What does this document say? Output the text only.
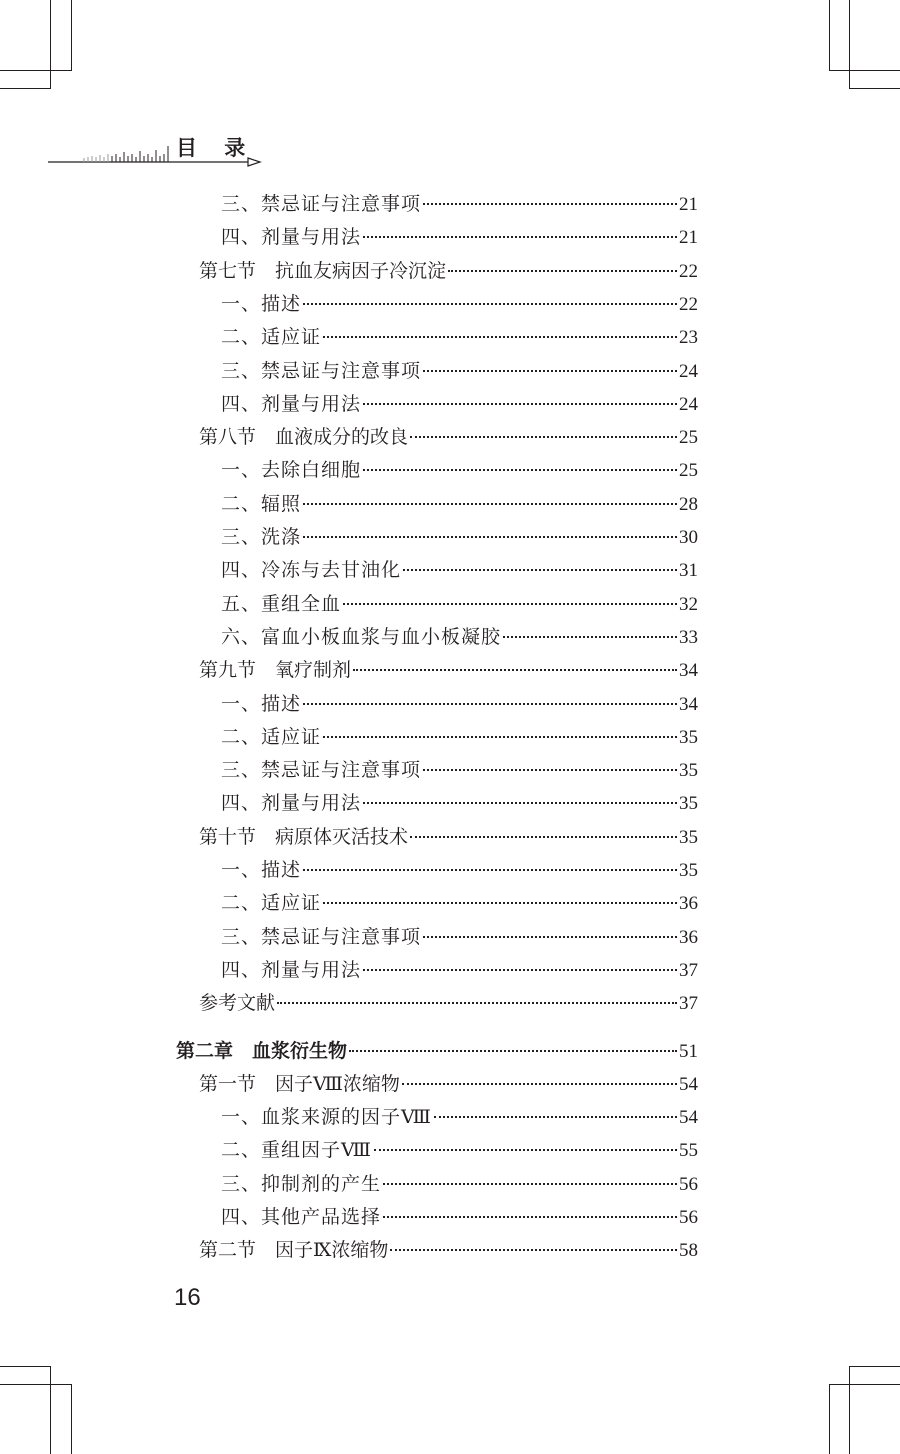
目 录
三、禁忌证与注意事项	21
四、剂量与用法	21
第七节　抗血友病因子冷沉淀	22
一、描述	22
二、适应证	23
三、禁忌证与注意事项	24
四、剂量与用法	24
第八节　血液成分的改良	25
一、去除白细胞	25
二、辐照	28
三、洗涤	30
四、冷冻与去甘油化	31
五、重组全血	32
六、富血小板血浆与血小板凝胶	33
第九节　氧疗制剂	34
一、描述	34
二、适应证	35
三、禁忌证与注意事项	35
四、剂量与用法	35
第十节　病原体灭活技术	35
一、描述	35
二、适应证	36
三、禁忌证与注意事项	36
四、剂量与用法	37
参考文献	37
第二章　血浆衍生物	51
第一节　因子Ⅷ浓缩物	54
一、血浆来源的因子Ⅷ	54
二、重组因子Ⅷ	55
三、抑制剂的产生	56
四、其他产品选择	56
第二节　因子Ⅸ浓缩物	58
16
